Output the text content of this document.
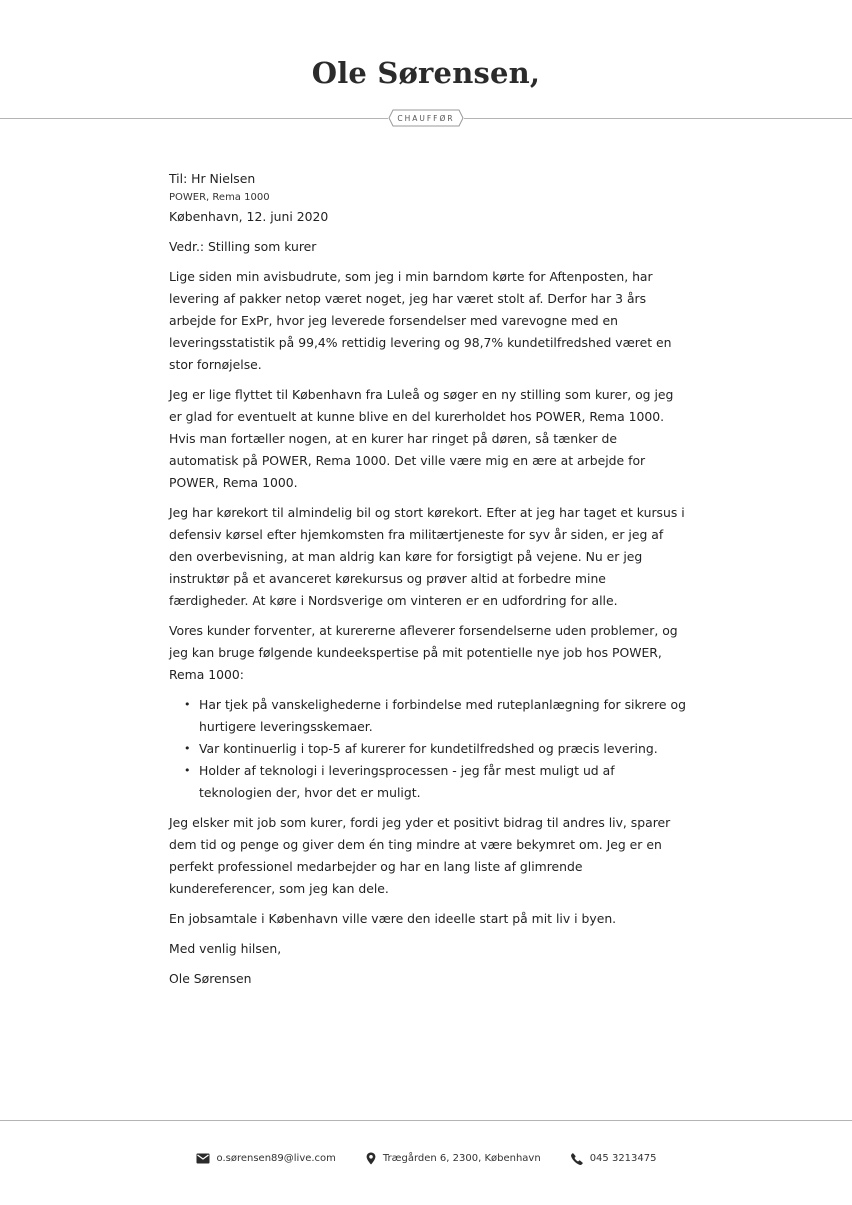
Ole Sørensen,
CHAUFFØR

Til: Hr Nielsen

POWER, Rema 1000

København, 12. juni 2020

Vedr.: Stilling som kurer

Lige siden min avisbudrute, som jeg i min barndom kørte for Aftenposten, har levering af pakker netop været noget, jeg har været stolt af. Derfor har 3 års arbejde for ExPr, hvor jeg leverede forsendelser med varevogne med en leveringsstatistik på 99,4% rettidig levering og 98,7% kundetilfredshed været en stor fornøjelse.

Jeg er lige flyttet til København fra Luleå og søger en ny stilling som kurer, og jeg er glad for eventuelt at kunne blive en del kurerholdet hos POWER, Rema 1000. Hvis man fortæller nogen, at en kurer har ringet på døren, så tænker de automatisk på POWER, Rema 1000. Det ville være mig en ære at arbejde for POWER, Rema 1000.

Jeg har kørekort til almindelig bil og stort kørekort. Efter at jeg har taget et kursus i defensiv kørsel efter hjemkomsten fra militærtjeneste for syv år siden, er jeg af den overbevisning, at man aldrig kan køre for forsigtigt på vejene. Nu er jeg instruktør på et avanceret kørekursus og prøver altid at forbedre mine færdigheder. At køre i Nordsverige om vinteren er en udfordring for alle.

Vores kunder forventer, at kurererne afleverer forsendelserne uden problemer, og jeg kan bruge følgende kundeekspertise på mit potentielle nye job hos POWER, Rema 1000:

• Har tjek på vanskelighederne i forbindelse med ruteplanlægning for sikrere og hurtigere leveringsskemaer.
• Var kontinuerlig i top-5 af kurerer for kundetilfredshed og præcis levering.
• Holder af teknologi i leveringsprocessen - jeg får mest muligt ud af teknologien der, hvor det er muligt.

Jeg elsker mit job som kurer, fordi jeg yder et positivt bidrag til andres liv, sparer dem tid og penge og giver dem én ting mindre at være bekymret om. Jeg er en perfekt professionel medarbejder og har en lang liste af glimrende kundereferencer, som jeg kan dele.

En jobsamtale i København ville være den ideelle start på mit liv i byen.

Med venlig hilsen,

Ole Sørensen

o.sørensen89@live.com	Trægården 6, 2300, København	045 3213475
